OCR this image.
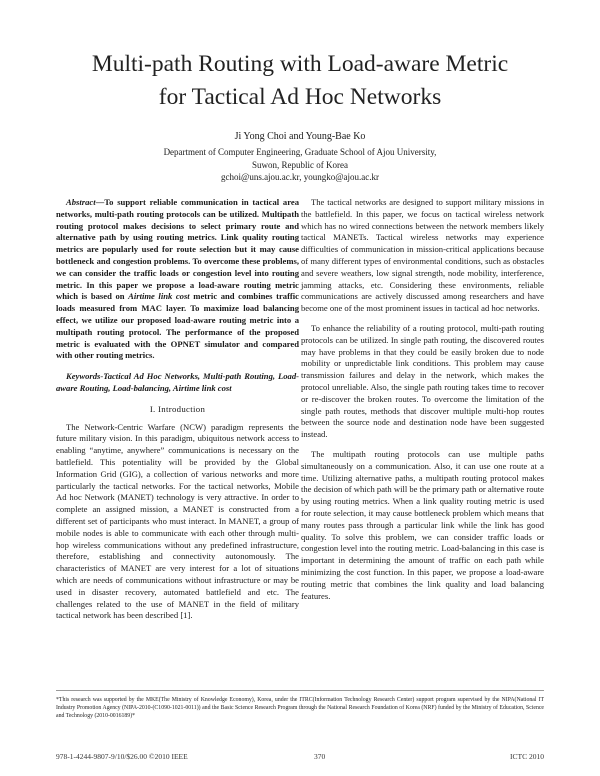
Multi-path Routing with Load-aware Metric
for Tactical Ad Hoc Networks
Ji Yong Choi and Young-Bae Ko
Department of Computer Engineering, Graduate School of Ajou University,
Suwon, Republic of Korea
gchoi@uns.ajou.ac.kr, youngko@ajou.ac.kr

Abstract—To support reliable communication in tactical area networks, multi-path routing protocols can be utilized. Multipath routing protocol makes decisions to select primary route and alternative path by using routing metrics. Link quality routing metrics are popularly used for route selection but it may cause bottleneck and congestion problems. To overcome these problems, we can consider the traffic loads or congestion level into routing metric. In this paper we propose a load-aware routing metric which is based on Airtime link cost metric and combines traffic loads measured from MAC layer. To maximize load balancing effect, we utilize our proposed load-aware routing metric into a multipath routing protocol. The performance of the proposed metric is evaluated with the OPNET simulator and compared with other routing metrics.

Keywords-Tactical Ad Hoc Networks, Multi-path Routing, Load-aware Routing, Load-balancing, Airtime link cost

I. Introduction

The Network-Centric Warfare (NCW) paradigm represents the future military vision. In this paradigm, ubiquitous network access to enabling “anytime, anywhere” communications is necessary on the battlefield. This potentiality will be provided by the Global Information Grid (GIG), a collection of various networks and more particularly the tactical networks. For the tactical networks, Mobile Ad hoc Network (MANET) technology is very attractive. In order to complete an assigned mission, a MANET is constructed from a different set of participants who must interact. In MANET, a group of mobile nodes is able to communicate with each other through multi-hop wireless communications without any predefined infrastructure, therefore, establishing and connectivity autonomously. The characteristics of MANET are very interest for a lot of situations which are needs of communications without infrastructure or may be used in disaster recovery, automated battlefield and etc. The challenges related to the use of MANET in the field of military tactical network has been described [1].

The tactical networks are designed to support military missions in the battlefield. In this paper, we focus on tactical wireless network which has no wired connections between the network members likely tactical MANETs. Tactical wireless networks may experience difficulties of communication in mission-critical applications because of many different types of environmental conditions, such as obstacles and severe weathers, low signal strength, node mobility, interference, jamming attacks, etc. Considering these environments, reliable communications are actively discussed among researchers and have become one of the most prominent issues in tactical ad hoc networks.

To enhance the reliability of a routing protocol, multi-path routing protocols can be utilized. In single path routing, the discovered routes may have problems in that they could be easily broken due to node mobility or unpredictable link conditions. This problem may cause transmission failures and delay in the network, which makes the protocol unreliable. Also, the single path routing takes time to recover or re-discover the broken routes. To overcome the limitation of the single path routes, methods that discover multiple multi-hop routes between the source node and destination node have been suggested instead.

The multipath routing protocols can use multiple paths simultaneously on a communication. Also, it can use one route at a time. Utilizing alternative paths, a multipath routing protocol makes the decision of which path will be the primary path or alternative route by using routing metrics. When a link quality routing metric is used for route selection, it may cause bottleneck problem which means that many routes pass through a particular link while the link has good quality. To solve this problem, we can consider traffic loads or congestion level into the routing metric. Load-balancing in this case is important in determining the amount of traffic on each path while minimizing the cost function. In this paper, we propose a load-aware routing metric that combines the link quality and load balancing features.

*This research was supported by the MKE(The Ministry of Knowledge Economy), Korea, under the ITRC(Information Technology Research Center) support program supervised by the NIPA(National IT Industry Promotion Agency (NIPA-2010-(C1090-1021-0011)) and the Basic Science Research Program through the National Research Foundation of Korea (NRF) funded by the Ministry of Education, Science and Technology (2010-0016189)*
978-1-4244-9807-9/10/$26.00 ©2010 IEEE	370	ICTC 2010
